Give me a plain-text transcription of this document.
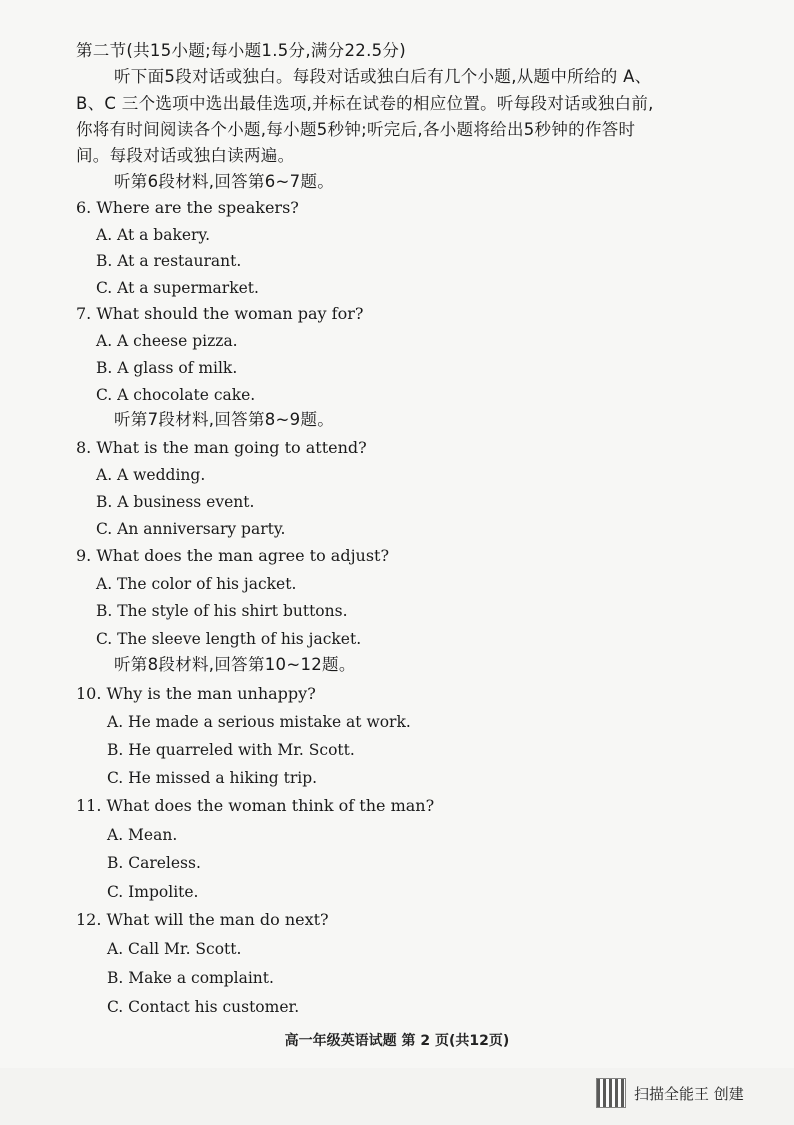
第二节(共15小题;每小题1.5分,满分22.5分)
听下面5段对话或独白。每段对话或独白后有几个小题,从题中所给的 A、
B、C 三个选项中选出最佳选项,并标在试卷的相应位置。听每段对话或独白前,
你将有时间阅读各个小题,每小题5秒钟;听完后,各小题将给出5秒钟的作答时
间。每段对话或独白读两遍。
听第6段材料,回答第6~7题。
6. Where are the speakers?
A. At a bakery.
B. At a restaurant.
C. At a supermarket.
7. What should the woman pay for?
A. A cheese pizza.
B. A glass of milk.
C. A chocolate cake.
听第7段材料,回答第8~9题。
8. What is the man going to attend?
A. A wedding.
B. A business event.
C. An anniversary party.
9. What does the man agree to adjust?
A. The color of his jacket.
B. The style of his shirt buttons.
C. The sleeve length of his jacket.
听第8段材料,回答第10~12题。
10. Why is the man unhappy?
A. He made a serious mistake at work.
B. He quarreled with Mr. Scott.
C. He missed a hiking trip.
11. What does the woman think of the man?
A. Mean.
B. Careless.
C. Impolite.
12. What will the man do next?
A. Call Mr. Scott.
B. Make a complaint.
C. Contact his customer.
高一年级英语试题 第 2 页(共12页)
扫描全能王 创建
